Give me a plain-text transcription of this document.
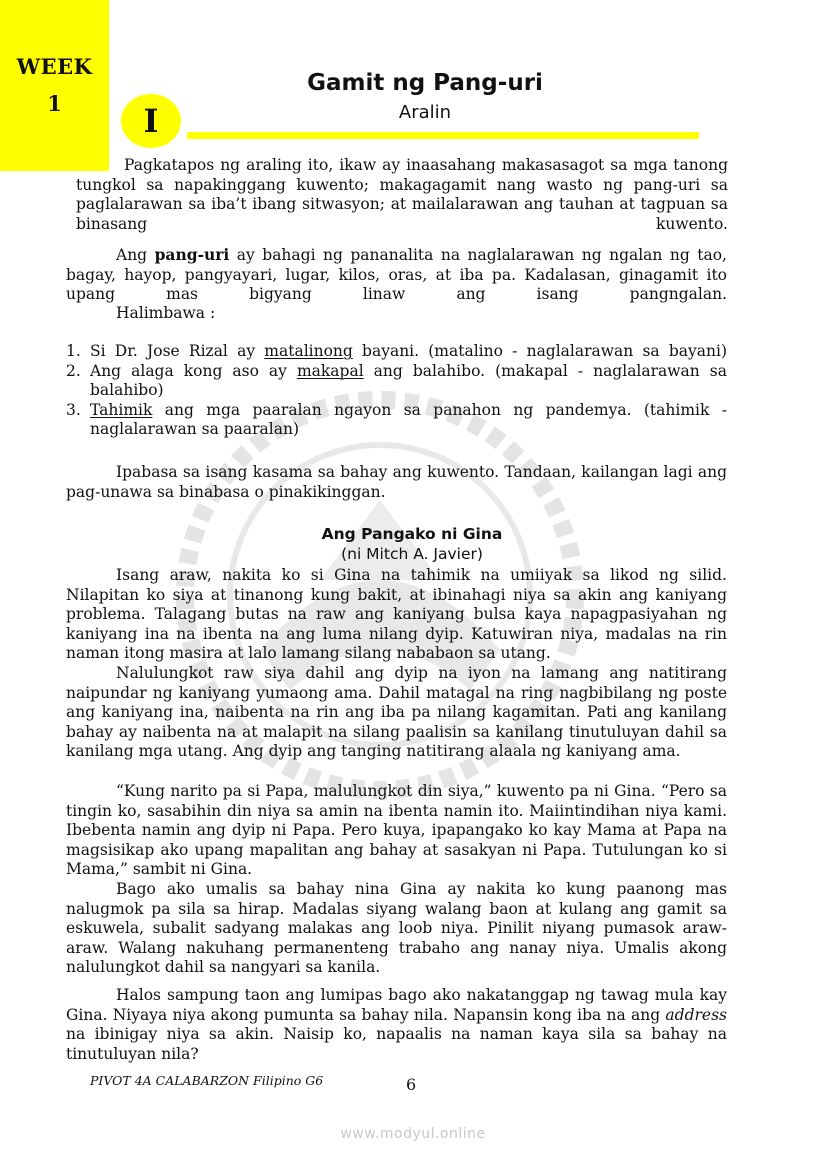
WEEK
1
Gamit ng Pang-uri
Aralin
I
Pagkatapos ng araling ito, ikaw ay inaasahang makasasagot sa mga tanong tungkol sa napakinggang kuwento; makagagamit nang wasto ng pang-uri sa paglalarawan sa iba’t ibang sitwasyon; at mailalarawan ang tauhan at tagpuan sa binasang kuwento.
Ang pang-uri ay bahagi ng pananalita na naglalarawan ng ngalan ng tao, bagay, hayop, pangyayari, lugar, kilos, oras, at iba pa. Kadalasan, ginagamit ito upang mas bigyang linaw ang isang pangngalan.
Halimbawa :
1. Si Dr. Jose Rizal ay matalinong bayani. (matalino - naglalarawan sa bayani)
2. Ang alaga kong aso ay makapal ang balahibo. (makapal - naglalarawan sa balahibo)
3. Tahimik ang mga paaralan ngayon sa panahon ng pandemya. (tahimik - naglalarawan sa paaralan)
Ipabasa sa isang kasama sa bahay ang kuwento. Tandaan, kailangan lagi ang pag-unawa sa binabasa o pinakikinggan.
Ang Pangako ni Gina
(ni Mitch A. Javier)
Isang araw, nakita ko si Gina na tahimik na umiiyak sa likod ng silid. Nilapitan ko siya at tinanong kung bakit, at ibinahagi niya sa akin ang kaniyang problema. Talagang butas na raw ang kaniyang bulsa kaya napagpasiyahan ng kaniyang ina na ibenta na ang luma nilang dyip. Katuwiran niya, madalas na rin naman itong masira at lalo lamang silang nababaon sa utang.
Nalulungkot raw siya dahil ang dyip na iyon na lamang ang natitirang naipundar ng kaniyang yumaong ama. Dahil matagal na ring nagbibilang ng poste ang kaniyang ina, naibenta na rin ang iba pa nilang kagamitan. Pati ang kanilang bahay ay naibenta na at malapit na silang paalisin sa kanilang tinutuluyan dahil sa kanilang mga utang. Ang dyip ang tanging natitirang alaala ng kaniyang ama.
“Kung narito pa si Papa, malulungkot din siya,” kuwento pa ni Gina. “Pero sa tingin ko, sasabihin din niya sa amin na ibenta namin ito. Maiintindihan niya kami. Ibebenta namin ang dyip ni Papa. Pero kuya, ipapangako ko kay Mama at Papa na magsisikap ako upang mapalitan ang bahay at sasakyan ni Papa. Tutulungan ko si Mama,” sambit ni Gina.
Bago ako umalis sa bahay nina Gina ay nakita ko kung paanong mas nalugmok pa sila sa hirap. Madalas siyang walang baon at kulang ang gamit sa eskuwela, subalit sadyang malakas ang loob niya. Pinilit niyang pumasok araw-araw. Walang nakuhang permanenteng trabaho ang nanay niya. Umalis akong nalulungkot dahil sa nangyari sa kanila.
Halos sampung taon ang lumipas bago ako nakatanggap ng tawag mula kay Gina. Niyaya niya akong pumunta sa bahay nila. Napansin kong iba na ang address na ibinigay niya sa akin. Naisip ko, napaalis na naman kaya sila sa bahay na tinutuluyan nila?
PIVOT 4A CALABARZON Filipino G6	6
www.modyul.online
